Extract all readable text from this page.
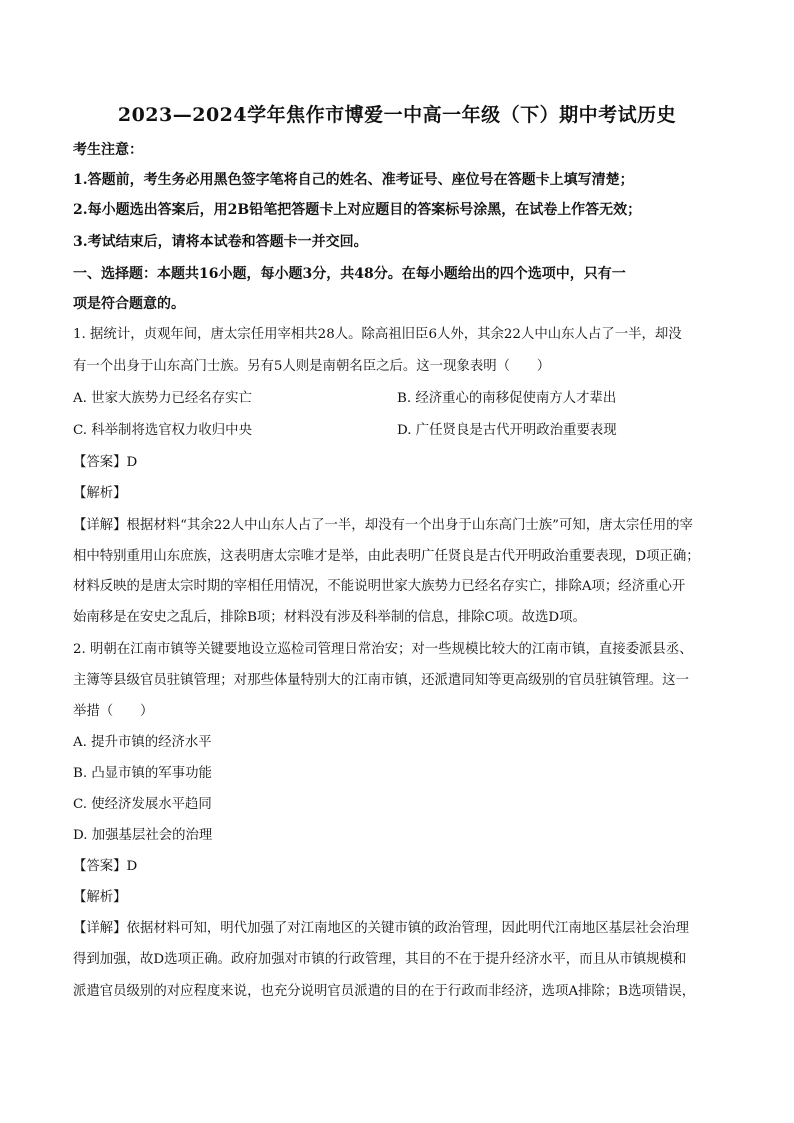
2023—2024学年焦作市博爱一中高一年级（下）期中考试历史
考生注意：
1.答题前，考生务必用黑色签字笔将自己的姓名、准考证号、座位号在答题卡上填写清楚；
2.每小题选出答案后，用2B铅笔把答题卡上对应题目的答案标号涂黑，在试卷上作答无效；
3.考试结束后，请将本试卷和答题卡一并交回。
一、选择题：本题共16小题，每小题3分，共48分。在每小题给出的四个选项中，只有一
项是符合题意的。
1. 据统计，贞观年间，唐太宗任用宰相共28人。除高祖旧臣6人外，其余22人中山东人占了一半，却没
有一个出身于山东高门士族。另有5人则是南朝名臣之后。这一现象表明（　　）
A. 世家大族势力已经名存实亡	B. 经济重心的南移促使南方人才辈出
C. 科举制将选官权力收归中央	D. 广任贤良是古代开明政治重要表现
【答案】D
【解析】
【详解】根据材料“其余22人中山东人占了一半，却没有一个出身于山东高门士族”可知，唐太宗任用的宰
相中特别重用山东庶族，这表明唐太宗唯才是举，由此表明广任贤良是古代开明政治重要表现，D项正确；
材料反映的是唐太宗时期的宰相任用情况，不能说明世家大族势力已经名存实亡，排除A项；经济重心开
始南移是在安史之乱后，排除B项；材料没有涉及科举制的信息，排除C项。故选D项。
2. 明朝在江南市镇等关键要地设立巡检司管理日常治安；对一些规模比较大的江南市镇，直接委派县丞、
主簿等县级官员驻镇管理；对那些体量特别大的江南市镇，还派遣同知等更高级别的官员驻镇管理。这一
举措（　　）
A. 提升市镇的经济水平
B. 凸显市镇的军事功能
C. 使经济发展水平趋同
D. 加强基层社会的治理
【答案】D
【解析】
【详解】依据材料可知，明代加强了对江南地区的关键市镇的政治管理，因此明代江南地区基层社会治理
得到加强，故D选项正确。政府加强对市镇的行政管理，其目的不在于提升经济水平，而且从市镇规模和
派遣官员级别的对应程度来说，也充分说明官员派遣的目的在于行政而非经济，选项A排除；B选项错误，
